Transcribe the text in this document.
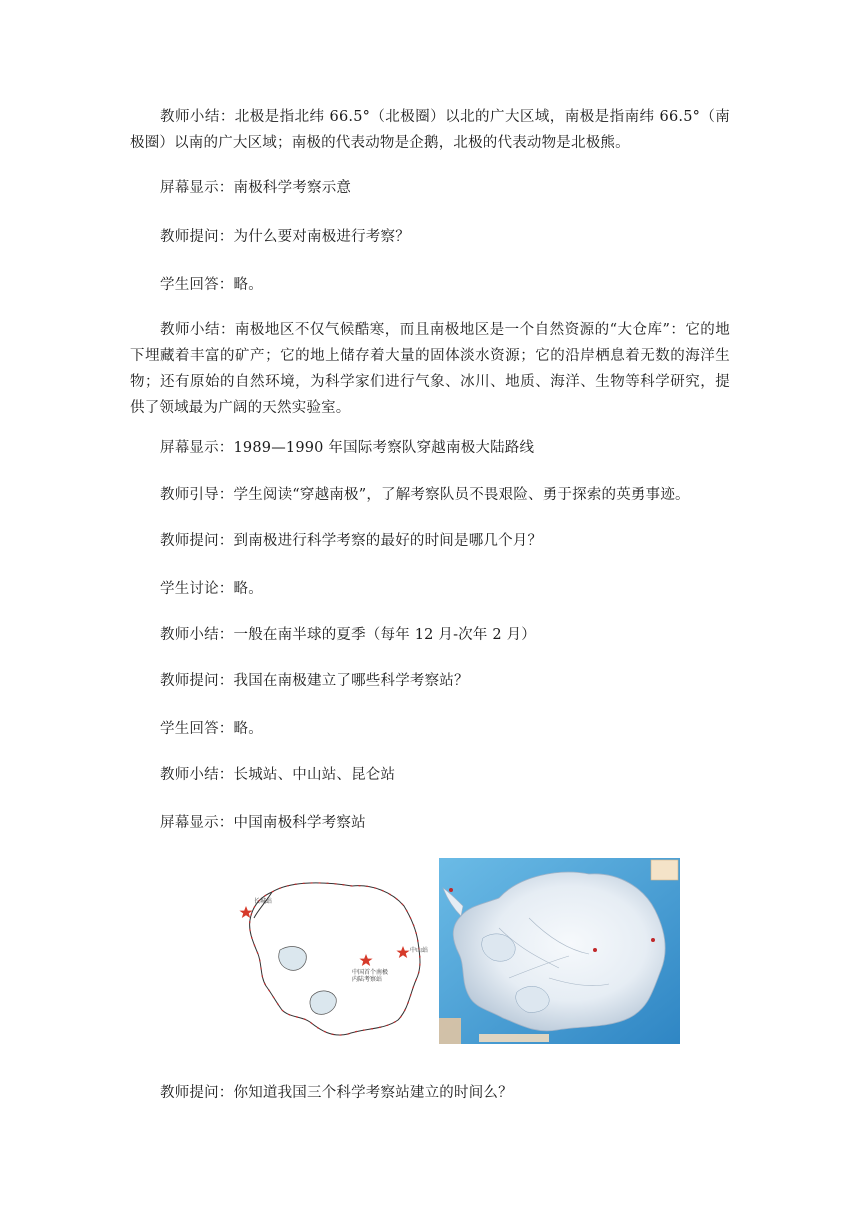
教师小结：北极是指北纬 66.5°（北极圈）以北的广大区域，南极是指南纬 66.5°（南极圈）以南的广大区域；南极的代表动物是企鹅，北极的代表动物是北极熊。

屏幕显示：南极科学考察示意

教师提问：为什么要对南极进行考察？

学生回答：略。

教师小结：南极地区不仅气候酷寒，而且南极地区是一个自然资源的“大仓库”：它的地下埋藏着丰富的矿产；它的地上储存着大量的固体淡水资源；它的沿岸栖息着无数的海洋生物；还有原始的自然环境，为科学家们进行气象、冰川、地质、海洋、生物等科学研究，提供了领域最为广阔的天然实验室。

屏幕显示：1989—1990 年国际考察队穿越南极大陆路线

教师引导：学生阅读“穿越南极”，了解考察队员不畏艰险、勇于探索的英勇事迹。

教师提问：到南极进行科学考察的最好的时间是哪几个月？

学生讨论：略。

教师小结：一般在南半球的夏季（每年 12 月-次年 2 月）

教师提问：我国在南极建立了哪些科学考察站？

学生回答：略。

教师小结：长城站、中山站、昆仑站

屏幕显示：中国南极科学考察站

长城站
中山站
中国首个南极
内陆考察站

教师提问：你知道我国三个科学考察站建立的时间么？
